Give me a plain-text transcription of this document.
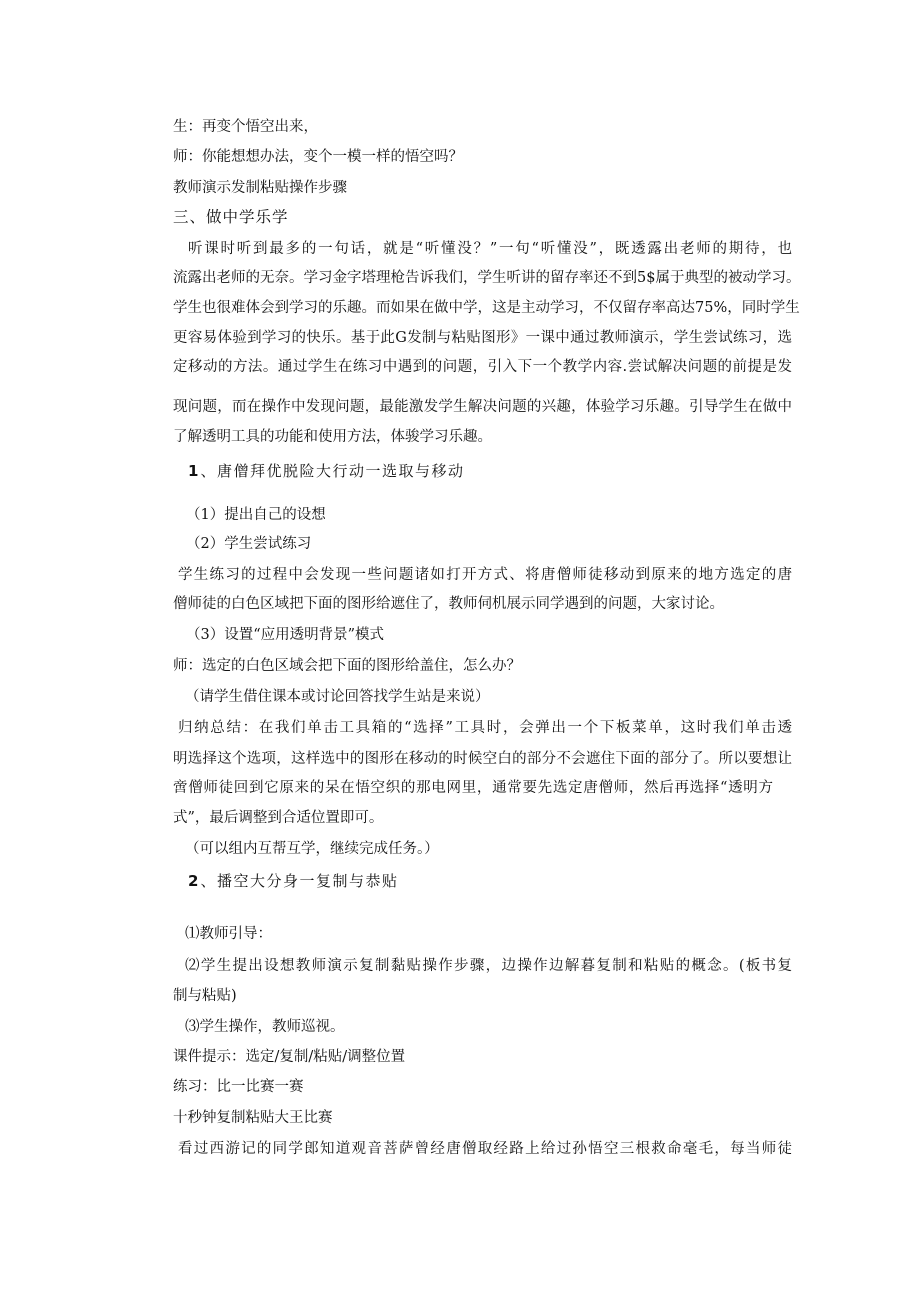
生：再变个悟空出来，

师：你能想想办法，变个一模一样的悟空吗？

教师演示发制粘贴操作步骤

三、做中学乐学

听课时听到最多的一句话，就是“听懂没？”一句“听懂没”，既透露出老师的期待，也

流露出老师的无奈。学习金字塔理枪告诉我们，学生听讲的留存率还不到5$属于典型的被动学习。

学生也很难体会到学习的乐趣。而如果在做中学，这是主动学习，不仅留存率高达75%，同时学生

更容易体验到学习的快乐。基于此G发制与粘贴图形》一课中通过教师演示，学生尝试练习，选

定移动的方法。通过学生在练习中遇到的问题，引入下一个教学内容.尝试解决问题的前提是发

现问题，而在操作中发现问题，最能激发学生解决问题的兴趣，体验学习乐趣。引导学生在做中

了解透明工具的功能和使用方法，体骏学习乐趣。

1 、唐僧拜优脱险大行动一选取与移动

（1）提出自己的设想

（2）学生尝试练习

学生练习的过程中会发现一些问题诸如打开方式、将唐僧师徒移动到原来的地方选定的唐

僧师徒的白色区域把下面的图形给遮住了，教师伺机展示同学遇到的问题，大家讨论。

（3）设置“应用透明背景”模式

师：选定的白色区域会把下面的图形给盖住，怎么办？

（请学生借住课本或讨论回答找学生站是来说）

归纳总结：在我们单击工具箱的“选择”工具时，会弹出一个下板菜单，这时我们单击透

明选择这个选项，这样选中的图形在移动的时候空白的部分不会遮住下面的部分了。所以要想让

啻僧师徒回到它原来的呆在悟空织的那电网里，通常要先选定唐僧师，然后再选择“透明方

式”，最后调整到合适位置即可。

（可以组内互帮互学，继续完成任务。）

2 、播空大分身一复制与恭贴

⑴教师引导：

⑵学生提出设想教师演示复制黏贴操作步骤，边操作边解暮复制和粘贴的概念。(板书复

制与粘贴)

⑶学生操作，教师巡视。

课件提示：选定/复制/粘贴/调整位置

练习：比一比赛一赛

十秒钟复制粘贴大王比赛

看过西游记的同学郎知道观音菩萨曾经唐僧取经路上给过孙悟空三根救命毫毛，每当师徒
